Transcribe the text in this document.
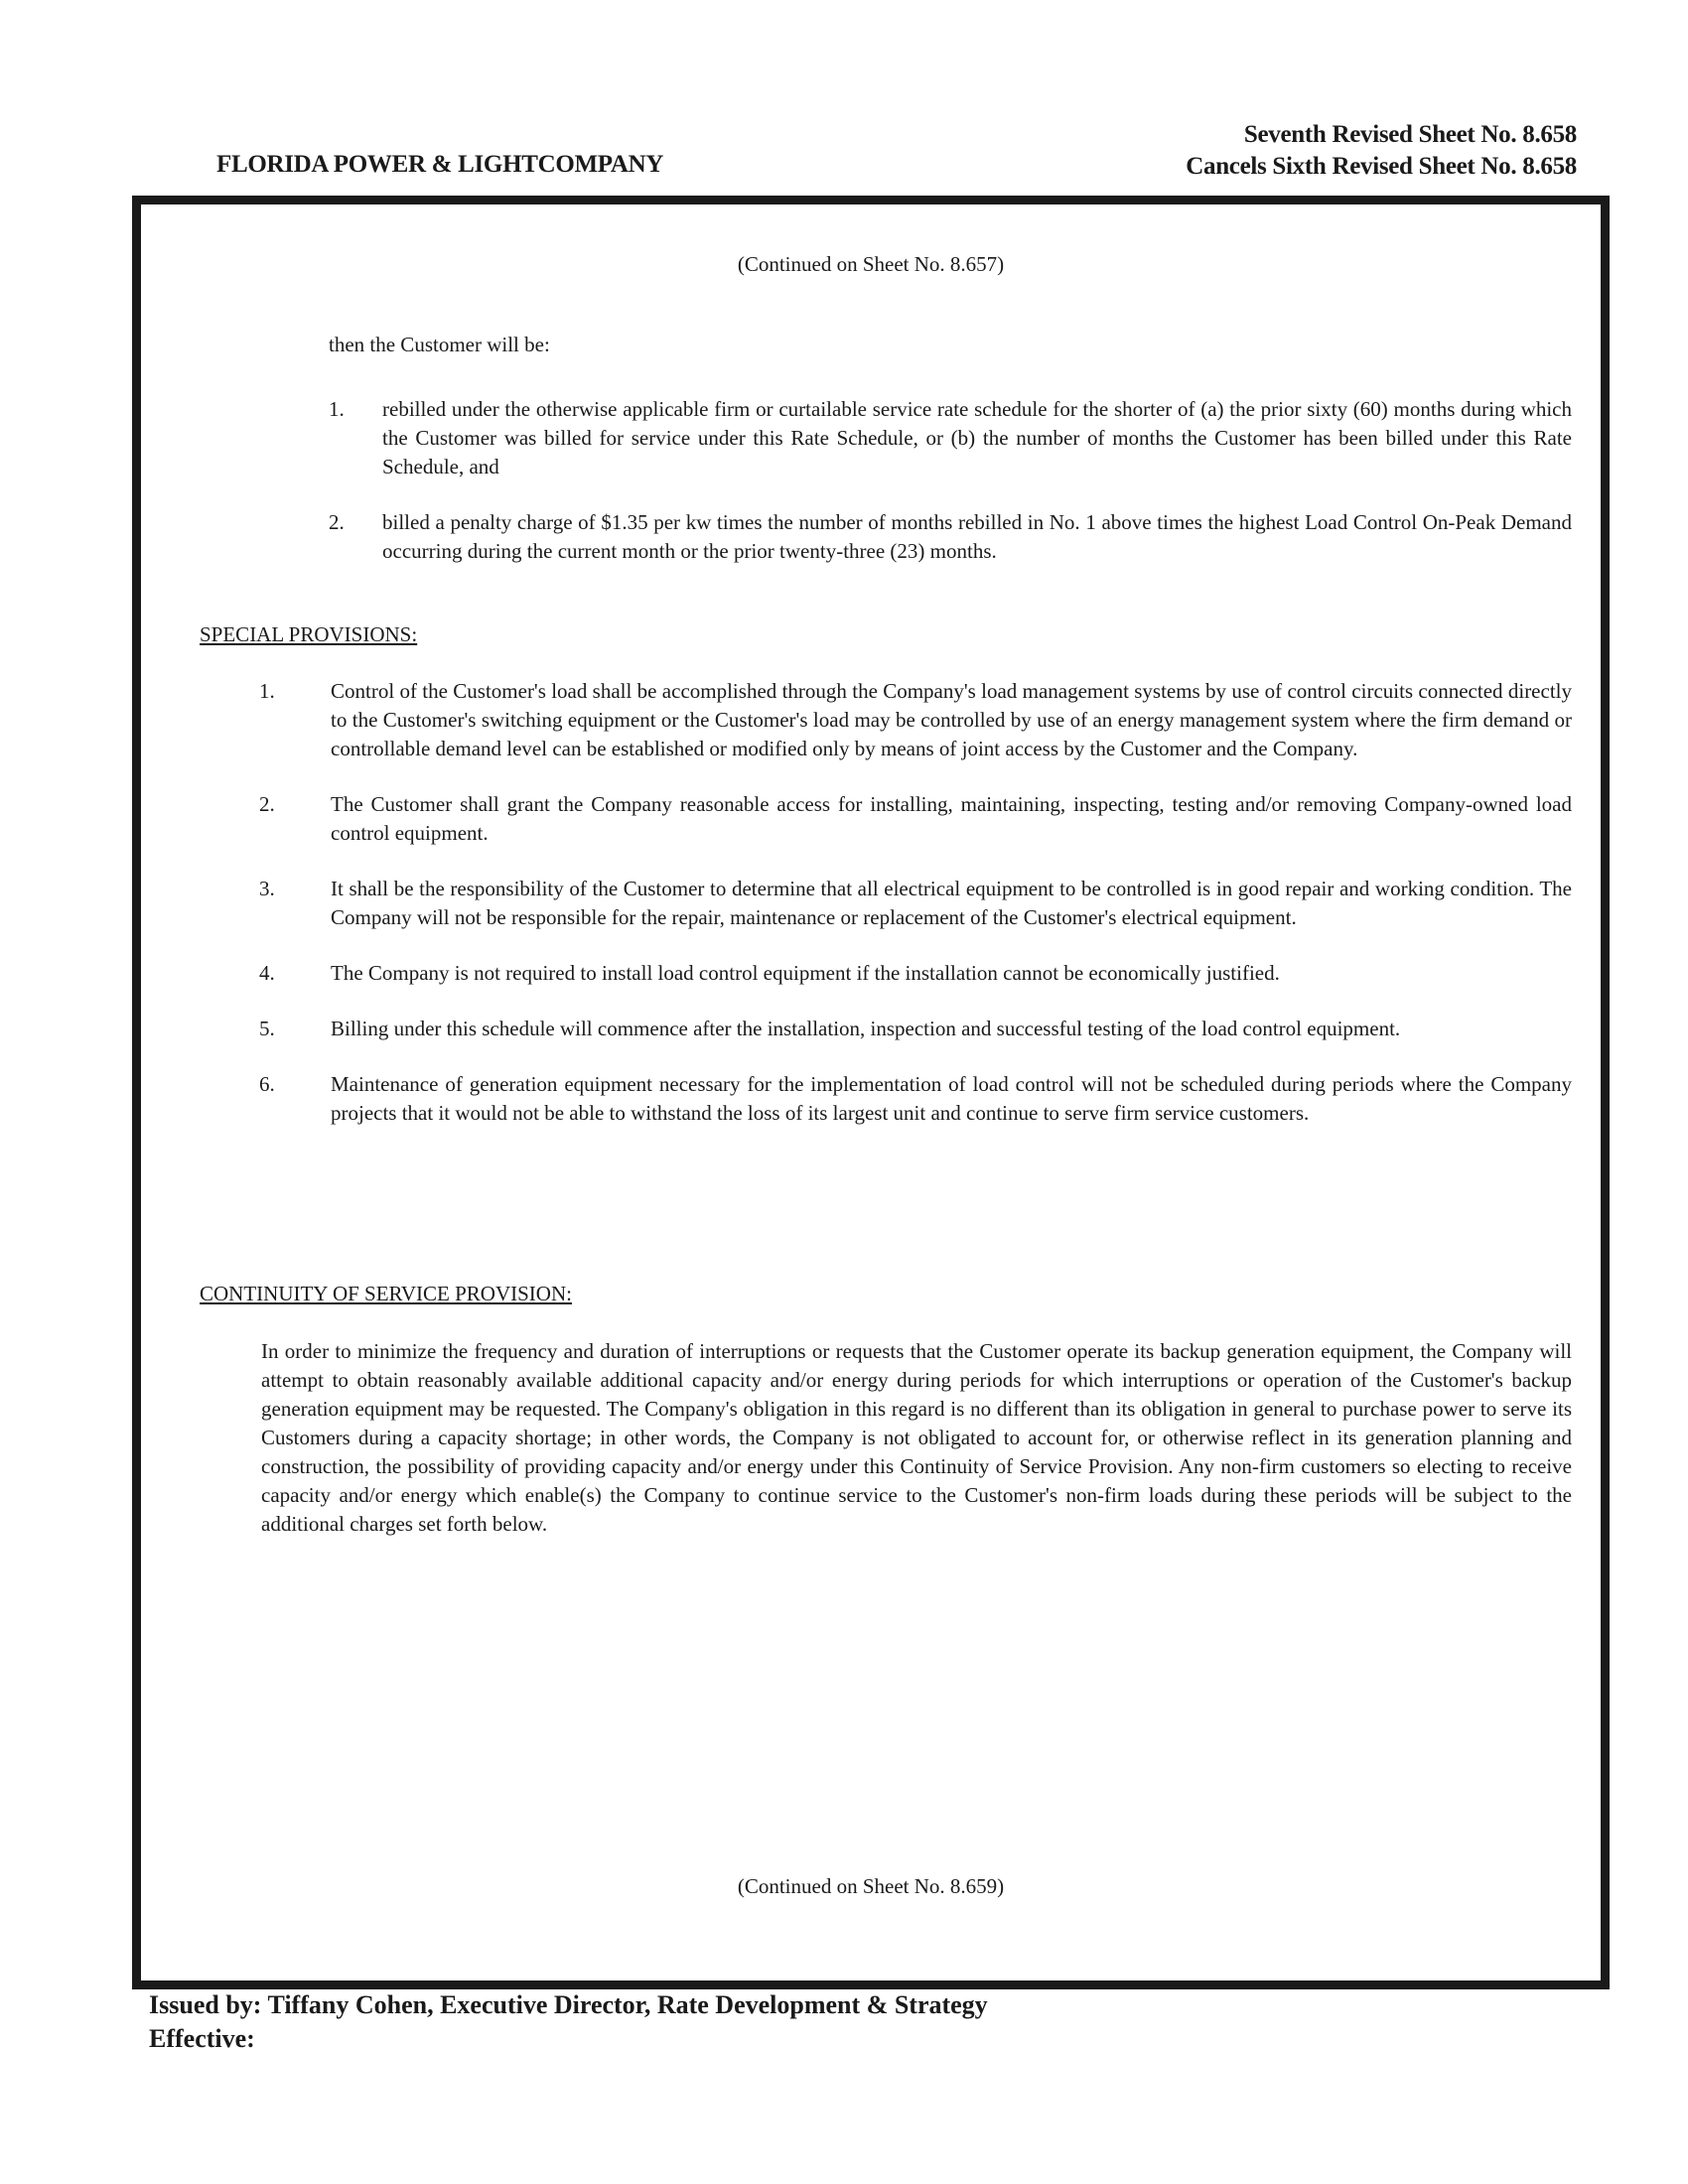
FLORIDA POWER & LIGHTCOMPANY
Seventh Revised Sheet No. 8.658
Cancels Sixth Revised Sheet No. 8.658
(Continued on Sheet No. 8.657)

then the Customer will be:

1.	rebilled under the otherwise applicable firm or curtailable service rate schedule for the shorter of (a) the prior sixty (60) months during which the Customer was billed for service under this Rate Schedule, or (b) the number of months the Customer has been billed under this Rate Schedule, and
2.	billed a penalty charge of $1.35 per kw times the number of months rebilled in No. 1 above times the highest Load Control On-Peak Demand occurring during the current month or the prior twenty-three (23) months.
SPECIAL PROVISIONS:
1.	Control of the Customer's load shall be accomplished through the Company's load management systems by use of control circuits connected directly to the Customer's switching equipment or the Customer's load may be controlled by use of an energy management system where the firm demand or controllable demand level can be established or modified only by means of joint access by the Customer and the Company.
2.	The Customer shall grant the Company reasonable access for installing, maintaining, inspecting, testing and/or removing Company-owned load control equipment.
3.	It shall be the responsibility of the Customer to determine that all electrical equipment to be controlled is in good repair and working condition. The Company will not be responsible for the repair, maintenance or replacement of the Customer's electrical equipment.
4.	The Company is not required to install load control equipment if the installation cannot be economically justified.
5.	Billing under this schedule will commence after the installation, inspection and successful testing of the load control equipment.
6.	Maintenance of generation equipment necessary for the implementation of load control will not be scheduled during periods where the Company projects that it would not be able to withstand the loss of its largest unit and continue to serve firm service customers.
CONTINUITY OF SERVICE PROVISION:

In order to minimize the frequency and duration of interruptions or requests that the Customer operate its backup generation equipment, the Company will attempt to obtain reasonably available additional capacity and/or energy during periods for which interruptions or operation of the Customer's backup generation equipment may be requested. The Company's obligation in this regard is no different than its obligation in general to purchase power to serve its Customers during a capacity shortage; in other words, the Company is not obligated to account for, or otherwise reflect in its generation planning and construction, the possibility of providing capacity and/or energy under this Continuity of Service Provision. Any non-firm customers so electing to receive capacity and/or energy which enable(s) the Company to continue service to the Customer's non-firm loads during these periods will be subject to the additional charges set forth below.

(Continued on Sheet No. 8.659)
Issued by: Tiffany Cohen, Executive Director, Rate Development & Strategy
Effective:
